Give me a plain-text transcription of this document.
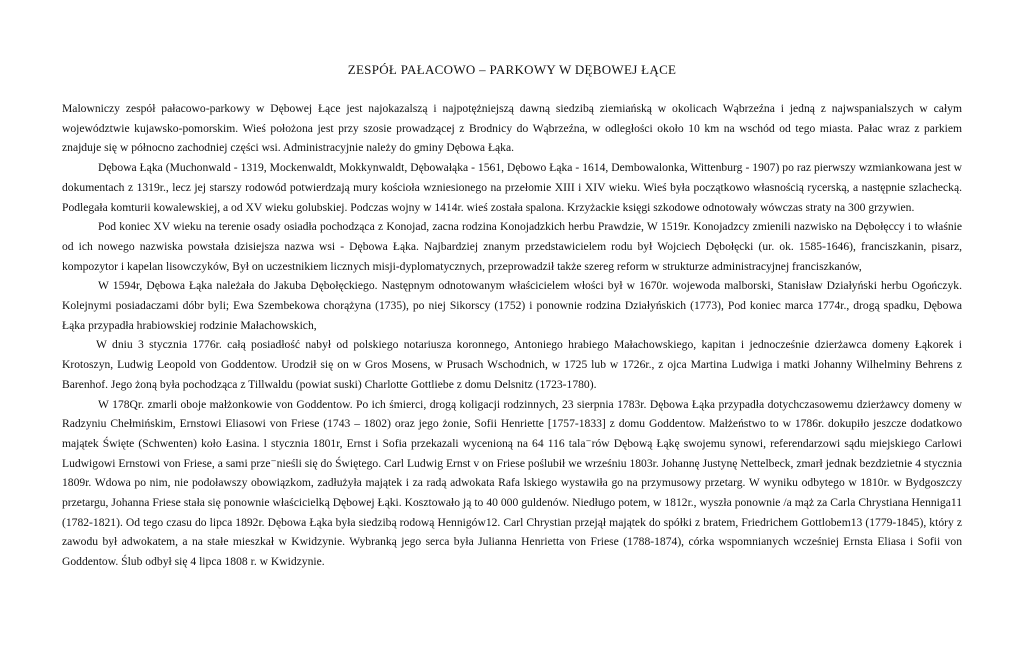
ZESPÓŁ PAŁACOWO – PARKOWY W DĘBOWEJ ŁĄCE

Malowniczy zespół pałacowo-parkowy w Dębowej Łące jest najokazalszą i najpotężniejszą dawną siedzibą ziemiańską w okolicach Wąbrzeźna i jedną z najwspanialszych w całym województwie kujawsko-pomorskim. Wieś położona jest przy szosie prowadzącej z Brodnicy do Wąbrzeźna, w odległości około 10 km na wschód od tego miasta. Pałac wraz z parkiem znajduje się w północno zachodniej części wsi. Administracyjnie należy do gminy Dębowa Łąka.

Dębowa Łąka (Muchonwald - 1319, Mockenwaldt, Mokkynwaldt, Dębowałąka - 1561, Dębowo Łąka - 1614, Dembowalonka, Wittenburg - 1907) po raz pierwszy wzmiankowana jest w dokumentach z 1319r., lecz jej starszy rodowód potwierdzają mury kościoła wzniesionego na przełomie XIII i XIV wieku. Wieś była początkowo własnością rycerską, a następnie szlachecką. Podlegała komturii kowalewskiej, a od XV wieku golubskiej. Podczas wojny w 1414r. wieś została spalona. Krzyżackie księgi szkodowe odnotowały wówczas straty na 300 grzywien.

Pod koniec XV wieku na terenie osady osiadła pochodząca z Konojad, zacna rodzina Konojadzkich herbu Prawdzie, W 1519r. Konojadzcy zmienili nazwisko na Dębołęccy i to właśnie od ich nowego nazwiska powstała dzisiejsza nazwa wsi - Dębowa Łąka. Najbardziej znanym przedstawicielem rodu był Wojciech Dębołęcki (ur. ok. 1585-1646), franciszkanin, pisarz, kompozytor i kapelan lisowczyków, Był on uczestnikiem licznych misji-dyplomatycznych, przeprowadził także szereg reform w strukturze administracyjnej franciszkanów,

W 1594r, Dębowa Łąka należała do Jakuba Dębołęckiego. Następnym odnotowanym właścicielem włości był w 1670r. wojewoda malborski, Stanisław Działyński herbu Ogończyk. Kolejnymi posiadaczami dóbr byli; Ewa Szembekowa chorążyna (1735), po niej Sikorscy (1752) i ponownie rodzina Działyńskich (1773), Pod koniec marca 1774r., drogą spadku, Dębowa Łąka przypadła hrabiowskiej rodzinie Małachowskich,

W dniu 3 stycznia 1776r. całą posiadłość nabył od polskiego notariusza koronnego, Antoniego hrabiego Małachowskiego, kapitan i jednocześnie dzierżawca domeny Łąkorek i Krotoszyn, Ludwig Leopold von Goddentow. Urodził się on w Gros Mosens, w Prusach Wschodnich, w 1725 lub w 1726r., z ojca Martina Ludwiga i matki Johanny Wilhelminy Behrens z Barenhof. Jego żoną była pochodząca z Tillwaldu (powiat suski) Charlotte Gottliebe z domu Delsnitz (1723-1780).

W 178Qr. zmarli oboje małżonkowie von Goddentow. Po ich śmierci, drogą koligacji rodzinnych, 23 sierpnia 1783r. Dębowa Łąka przypadła dotychczasowemu dzierżawcy domeny w Radzyniu Chełmińskim, Ernstowi Eliasowi von Friese (1743 – 1802) oraz jego żonie, Sofii Henriette [1757-1833] z domu Goddentow. Małżeństwo to w 1786r. dokupiło jeszcze dodatkowo majątek Święte (Schwenten) koło Łasina. l stycznia 1801r, Ernst i Sofia przekazali wycenioną na 64 116 tala⁻rów Dębową Łąkę swojemu synowi, referendarzowi sądu miejskiego Carlowi Ludwigowi Ernstowi von Friese, a sami prze⁻nieśli się do Świętego. Carl Ludwig Ernst v on Friese poślubił we wrześniu 1803r. Johannę Justynę Nettelbeck, zmarł jednak bezdzietnie 4 stycznia 1809r. Wdowa po nim, nie podoławszy obowiązkom, zadłużyła majątek i za radą adwokata Rafa lskiego wystawiła go na przymusowy przetarg. W wyniku odbytego w 1810r. w Bydgoszczy przetargu, Johanna Friese stała się ponownie właścicielką Dębowej Łąki. Kosztowało ją to 40 000 guldenów. Niedługo potem, w 1812r., wyszła ponownie /a mąż za Carla Chrystiana Hennigа11 (1782-1821). Od tego czasu do lipca 1892r. Dębowa Łąka była siedzibą rodową Hennigów12. Carl Chrystian przejął majątek do spółki z bratem, Friedrichem Gottlobem13 (1779-1845), który z zawodu był adwokatem, a na stałe mieszkał w Kwidzynie. Wybranką jego serca była Julianna Henrietta von Friese (1788-1874), córka wspomnianych wcześniej Ernsta Eliasa i Sofii von Goddentow. Ślub odbył się 4 lipca 1808 r. w Kwidzynie.
